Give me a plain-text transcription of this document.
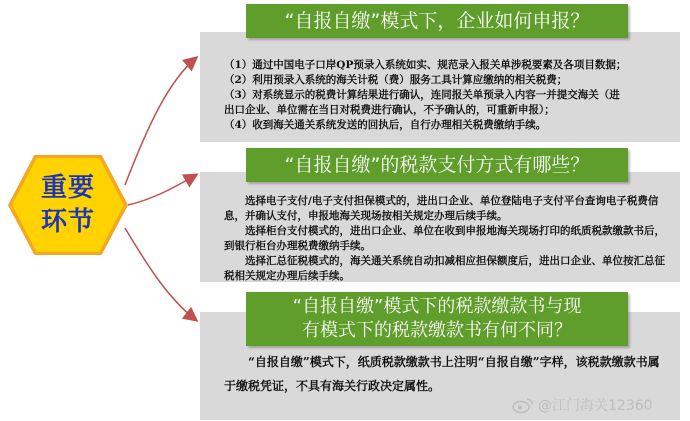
重要
环节
“自报自缴”模式下，企业如何申报？
（1）通过中国电子口岸QP预录入系统如实、规范录入报关单涉税要素及各项目数据；
（2）利用预录入系统的海关计税（费）服务工具计算应缴纳的相关税费；
（3）对系统显示的税费计算结果进行确认，连同报关单预录入内容一并提交海关（进
出口企业、单位需在当日对税费进行确认，不予确认的，可重新申报）；
（4）收到海关通关系统发送的回执后，自行办理相关税费缴纳手续。
“自报自缴”的税款支付方式有哪些？
选择电子支付/电子支付担保模式的，进出口企业、单位登陆电子支付平台查询电子税费信息，并确认支付，申报地海关现场按相关规定办理后续手续。
选择柜台支付模式的，进出口企业、单位在收到申报地海关现场打印的纸质税款缴款书后，到银行柜台办理税费缴纳手续。
选择汇总征税模式的，海关通关系统自动扣减相应担保额度后，进出口企业、单位按汇总征税相关规定办理后续手续。
“自报自缴”模式下的税款缴款书与现
有模式下的税款缴款书有何不同？
“自报自缴”模式下，纸质税款缴款书上注明“自报自缴”字样，该税款缴款书属于缴税凭证，不具有海关行政决定属性。
@江门海关12360
